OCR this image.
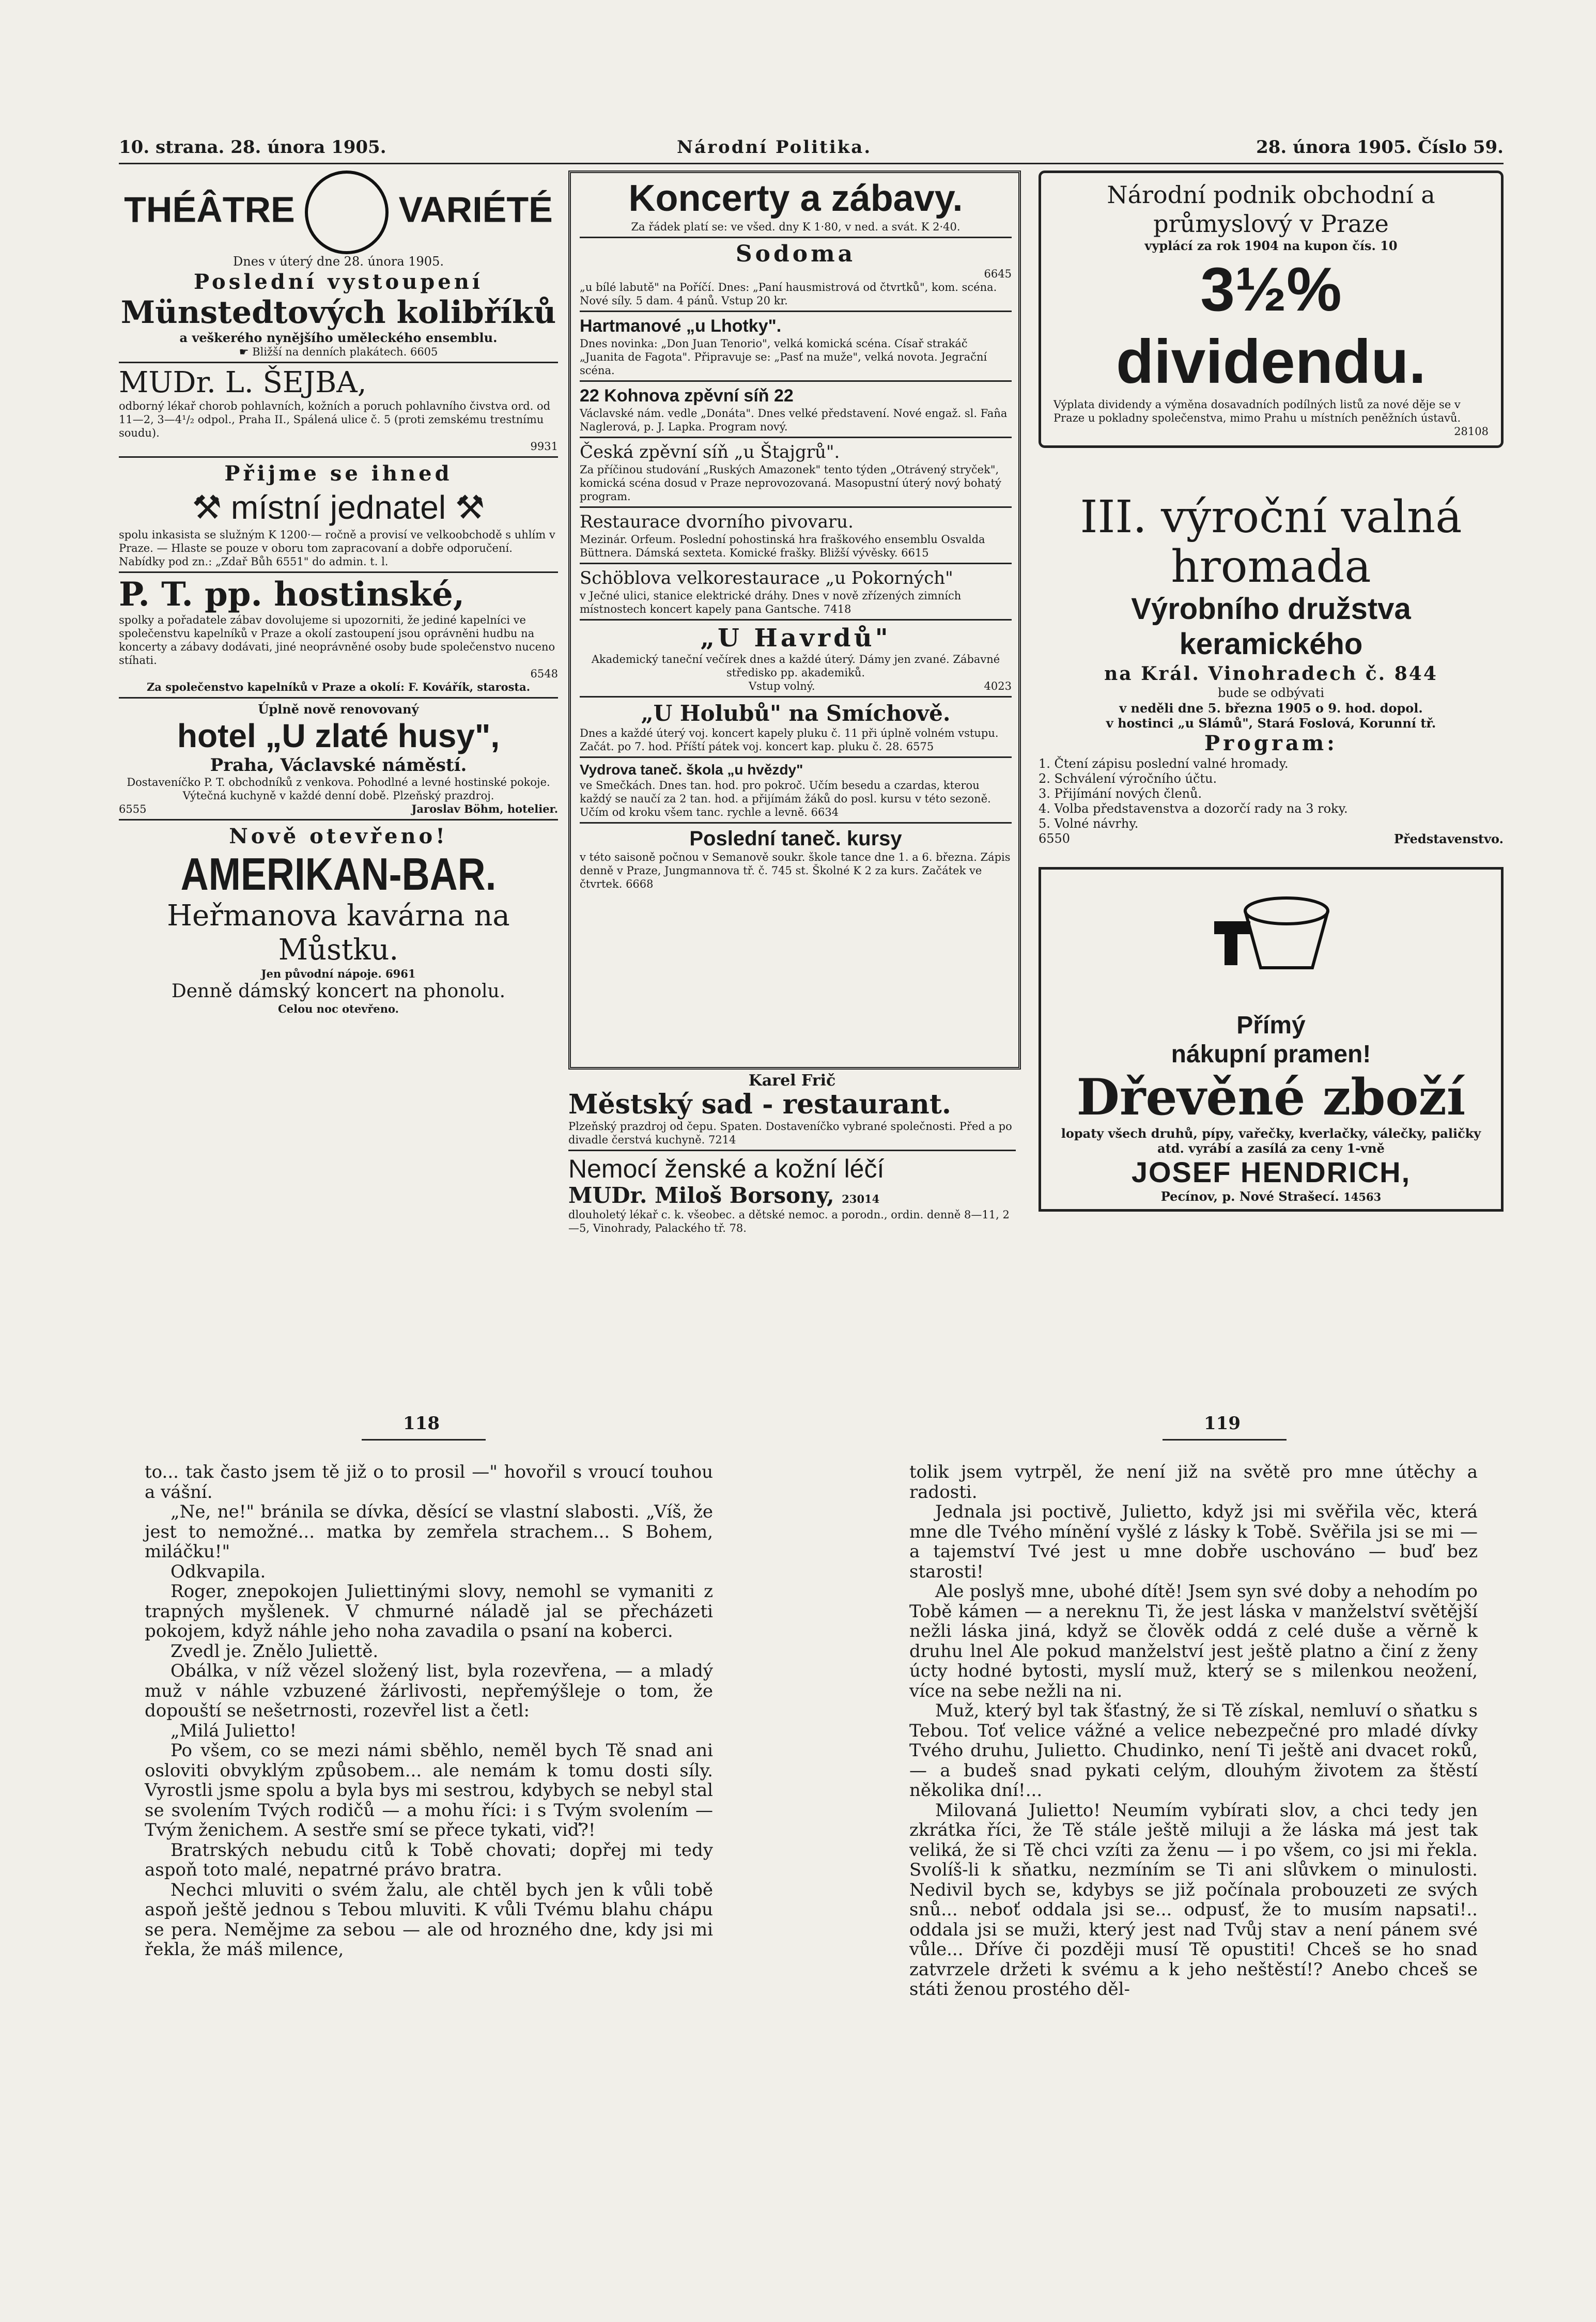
10. strana. 28. února 1905.	Národní Politika.	28. února 1905. Číslo 59.
THÉÂTRE	VARIÉTÉ

Dnes v úterý dne 28. února 1905.

Poslední vystoupení

Münstedtových kolibříků

a veškerého nynějšího uměleckého ensemblu.

☛ Bližší na denních plakátech. 6605

MUDr. L. ŠEJBA,

odborný lékař chorob pohlavních, kožních a poruch pohlavního čivstva ord. od 11—2, 3—4¹/₂ odpol., Praha II., Spálená ulice č. 5 (proti zemskému trestnímu soudu).

9931

Přijme se ihned

⚒ místní jednatel ⚒

spolu inkasista se služným K 1200·— ročně a provisí ve velkoobchodě s uhlím v Praze. — Hlaste se pouze v oboru tom zapracovaní a dobře odporučení. Nabídky pod zn.: „Zdař Bůh 6551" do admin. t. l.

P. T. pp. hostinské,

spolky a pořadatele zábav dovolujeme si upozorniti, že jediné kapelníci ve společenstvu kapelníků v Praze a okolí zastoupení jsou oprávněni hudbu na koncerty a zábavy dodávati, jiné neoprávněné osoby bude společenstvo nuceno stíhati.

6548

Za společenstvo kapelníků v Praze a okolí: F. Kovářík, starosta.

Úplně nově renovovaný

hotel „U zlaté husy",

Praha, Václavské náměstí.

Dostaveníčko P. T. obchodníků z venkova. Pohodlné a levné hostinské pokoje. Výtečná kuchyně v každé denní době. Plzeňský prazdroj.

6555	Jaroslav Böhm, hotelier.

Nově otevřeno!

AMERIKAN-BAR.

Heřmanova kavárna na Můstku.

Jen původní nápoje. 6961

Denně dámský koncert na phonolu.

Celou noc otevřeno.

Koncerty a zábavy.

Za řádek platí se: ve všed. dny K 1·80, v ned. a svát. K 2·40.

Sodoma

6645

„u bílé labutě" na Poříčí. Dnes: „Paní hausmistrová od čtvrtků", kom. scéna. Nové síly. 5 dam. 4 pánů. Vstup 20 kr.

Hartmanové „u Lhotky".

Dnes novinka: „Don Juan Tenorio", velká komická scéna. Císař strakáč „Juanita de Fagota". Připravuje se: „Pasť na muže", velká novota. Jegrační scéna.

22 Kohnova zpěvní síň 22

Václavské nám. vedle „Donáta". Dnes velké představení. Nové engaž. sl. Fan̂a Naglerová, p. J. Lapka. Program nový.

Česká zpěvní síň „u Štajgrů".

Za příčinou studování „Ruských Amazonek" tento týden „Otrávený stryček", komická scéna dosud v Praze neprovozovaná. Masopustní úterý nový bohatý program.

Restaurace dvorního pivovaru.

Mezinár. Orfeum. Poslední pohostinská hra fraškového ensemblu Osvalda Büttnera. Dámská sexteta. Komické frašky. Bližší vývěsky. 6615

Schöblova velkorestaurace „u Pokorných"

v Ječné ulici, stanice elektrické dráhy. Dnes v nově zřízených zimních místnostech koncert kapely pana Gantsche. 7418

„U Havrdů"

Akademický taneční večírek dnes a každé úterý. Dámy jen zvané. Zábavné středisko pp. akademiků.

Vstup volný.	4023

„U Holubů" na Smíchově.

Dnes a každé úterý voj. koncert kapely pluku č. 11 při úplně volném vstupu. Začát. po 7. hod. Příští pátek voj. koncert kap. pluku č. 28. 6575

Vydrova taneč. škola „u hvězdy"

ve Smečkách. Dnes tan. hod. pro pokroč. Učím besedu a czardas, kterou každý se naučí za 2 tan. hod. a přijímám žáků do posl. kursu v této sezoně. Učím od kroku všem tanc. rychle a levně. 6634

Poslední taneč. kursy

v této saisoně počnou v Semanově soukr. škole tance dne 1. a 6. března. Zápis denně v Praze, Jungmannova tř. č. 745 st. Školné K 2 za kurs. Začátek ve čtvrtek. 6668

Karel Frič

Městský sad - restaurant.

Plzeňský prazdroj od čepu. Spaten. Dostaveníčko vybrané společnosti. Před a po divadle čerstvá kuchyně. 7214

Nemocí ženské a kožní léčí

MUDr. Miloš Borsony, 23014

dlouholetý lékař c. k. všeobec. a dětské nemoc. a porodn., ordin. denně 8—11, 2—5, Vinohrady, Palackého tř. 78.

Národní podnik obchodní a průmyslový v Praze

vyplácí za rok 1904 na kupon čís. 10

3½% dividendu.

Výplata dividendy a výměna dosavadních podílných listů za nové děje se v Praze u pokladny společenstva, mimo Prahu u místních peněžních ústavů.

28108

III. výroční valná hromada

Výrobního družstva keramického

na Král. Vinohradech č. 844

bude se odbývati

v neděli dne 5. března 1905 o 9. hod. dopol.

v hostinci „u Slámů", Stará Foslová, Korunní tř.

Program:

1. Čtení zápisu poslední valné hromady.

2. Schválení výročního účtu.

3. Přijímání nových členů.

4. Volba představenstva a dozorčí rady na 3 roky.

5. Volné návrhy.

6550	Představenstvo.

Přímý

nákupní pramen!

Dřevěné zboží

lopaty všech druhů, pípy, vařečky, kverlačky, válečky, paličky atd. vyrábí a zasílá za ceny 1-vně

JOSEF HENDRICH,

Pecínov, p. Nové Strašecí. 14563

118	119

to... tak často jsem tě již o to prosil —" hovořil s vroucí touhou a vášní.

„Ne, ne!" bránila se dívka, děsící se vlastní slabosti. „Víš, že jest to nemožné... matka by zemřela strachem... S Bohem, miláčku!"

Odkvapila.

Roger, znepokojen Juliettinými slovy, nemohl se vymaniti z trapných myšlenek. V chmurné náladě jal se přecházeti pokojem, když náhle jeho noha zavadila o psaní na koberci.

Zvedl je. Znělo Juliettě.

Obálka, v níž vězel složený list, byla rozevřena, — a mladý muž v náhle vzbuzené žárlivosti, nepřemýšleje o tom, že dopouští se nešetrnosti, rozevřel list a četl:

„Milá Julietto!

Po všem, co se mezi námi sběhlo, neměl bych Tě snad ani osloviti obvyklým způsobem... ale nemám k tomu dosti síly. Vyrostli jsme spolu a byla bys mi sestrou, kdybych se nebyl stal se svolením Tvých rodičů — a mohu říci: i s Tvým svolením — Tvým ženichem. A sestře smí se přece tykati, viď?!

Bratrských nebudu citů k Tobě chovati; dopřej mi tedy aspoň toto malé, nepatrné právo bratra.

Nechci mluviti o svém žalu, ale chtěl bych jen k vůli tobě aspoň ještě jednou s Tebou mluviti. K vůli Tvému blahu chápu se pera. Nemějme za sebou — ale od hrozného dne, kdy jsi mi řekla, že máš milence,

tolik jsem vytrpěl, že není již na světě pro mne útěchy a radosti.

Jednala jsi poctivě, Julietto, když jsi mi svěřila věc, která mne dle Tvého mínění vyšlé z lásky k Tobě. Svěřila jsi se mi — a tajemství Tvé jest u mne dobře uschováno — buď bez starosti!

Ale poslyš mne, ubohé dítě! Jsem syn své doby a nehodím po Tobě kámen — a nereknu Ti, že jest láska v manželství světější nežli láska jiná, když se člověk oddá z celé duše a věrně k druhu lnel Ale pokud manželství jest ještě platno a činí z ženy úcty hodné bytosti, myslí muž, který se s milenkou neožení, více na sebe nežli na ni.

Muž, který byl tak šťastný, že si Tě získal, nemluví o sňatku s Tebou. Toť velice vážné a velice nebezpečné pro mladé dívky Tvého druhu, Julietto. Chudinko, není Ti ještě ani dvacet roků, — a budeš snad pykati celým, dlouhým životem za štěstí několika dní!...

Milovaná Julietto! Neumím vybírati slov, a chci tedy jen zkrátka říci, že Tě stále ještě miluji a že láska má jest tak veliká, že si Tě chci vzíti za ženu — i po všem, co jsi mi řekla. Svolíš-li k sňatku, nezmíním se Ti ani slůvkem o minulosti. Nedivil bych se, kdybys se již počínala probouzeti ze svých snů... neboť oddala jsi se... odpusť, že to musím napsati!.. oddala jsi se muži, který jest nad Tvůj stav a není pánem své vůle... Dříve či později musí Tě opustiti! Chceš se ho snad zatvrzele držeti k svému a k jeho neštěstí!? Anebo chceš se státi ženou prostého děl-
